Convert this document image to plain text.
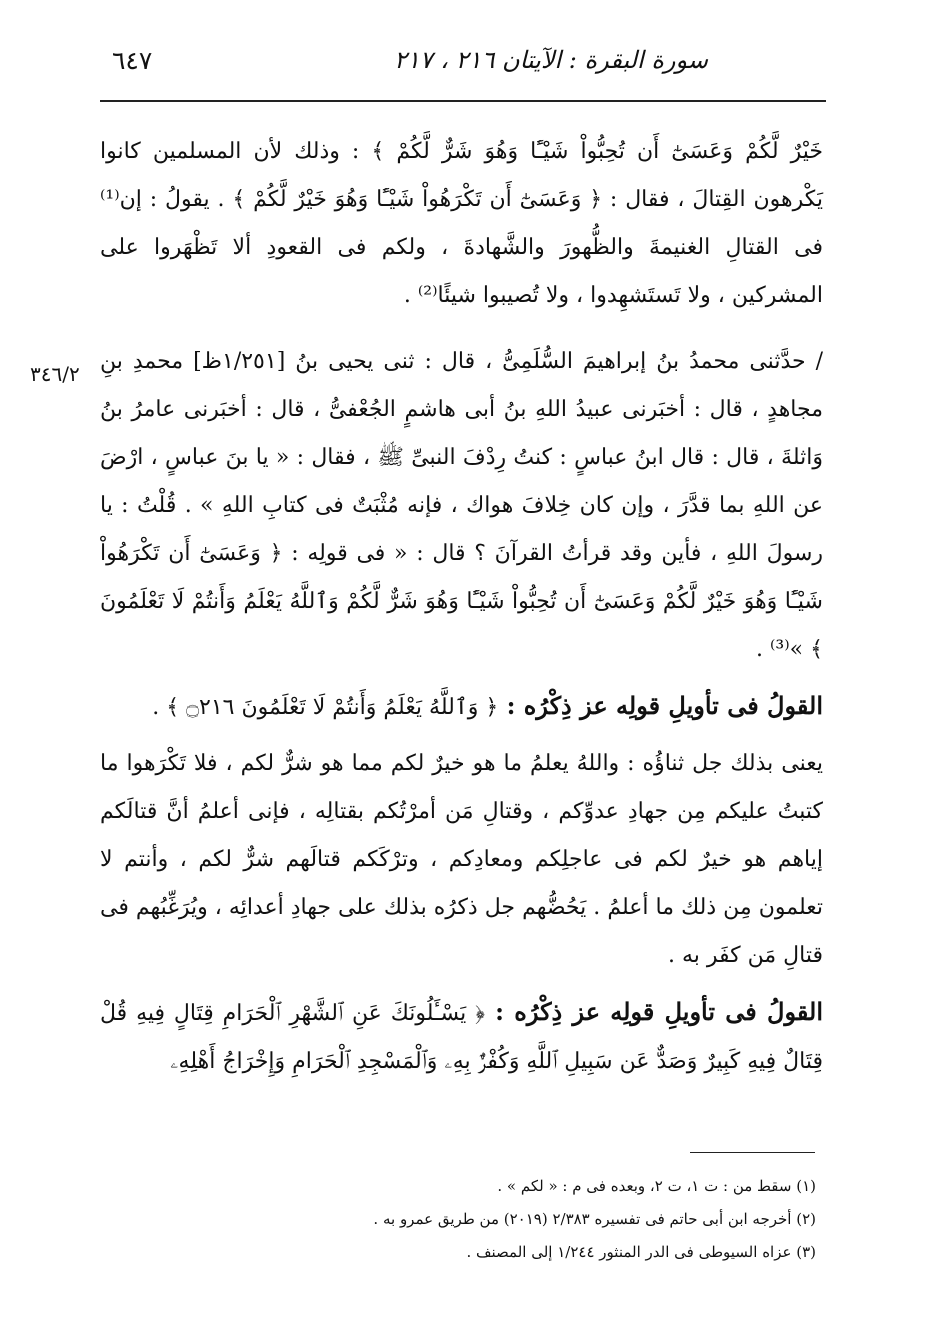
سورة البقرة : الآيتان ٢١٦ ، ٢١٧
٦٤٧
٣٤٦/٢

خَيْرٌ لَّكُمْ وَعَسَىٰٓ أَن تُحِبُّواْ شَيْـًٔا وَهُوَ شَرٌّ لَّكُمْ ﴾ : وذلك لأن المسلمين كانوا يَكْرهون القِتالَ ، فقال : ﴿ وَعَسَىٰٓ أَن تَكْرَهُواْ شَيْـًٔا وَهُوَ خَيْرٌ لَّكُمْ ﴾ . يقولُ : إن⁽¹⁾ فى القتالِ الغنيمةَ والظُّهورَ والشَّهادةَ ، ولكم فى القعودِ ألا تَظْهَروا على المشركين ، ولا تَستَشهِدوا ، ولا تُصيبوا شيئًا⁽²⁾ .

/ حدَّثنى محمدُ بنُ إبراهيمَ السُّلَمِىُّ ، قال : ثنى يحيى بنُ [١/٢٥١ظ] محمدِ بنِ مجاهدٍ ، قال : أخبَرنى عبيدُ اللهِ بنُ أبى هاشمٍ الجُعْفىُّ ، قال : أخبَرنى عامرُ بنُ وَاثلةَ ، قال : قال ابنُ عباسٍ : كنتُ رِدْفَ النبىِّ ﷺ ، فقال : « يا بنَ عباسٍ ، ارْضَ عن اللهِ بما قدَّرَ ، وإن كان خِلافَ هواك ، فإنه مُثْبَتٌ فى كتابِ اللهِ » . قُلْتُ : يا رسولَ اللهِ ، فأين وقد قرأتُ القرآنَ ؟ قال : « فى قولِه : ﴿ وَعَسَىٰٓ أَن تَكْرَهُواْ شَيْـًٔا وَهُوَ خَيْرٌ لَّكُمْ وَعَسَىٰٓ أَن تُحِبُّواْ شَيْـًٔا وَهُوَ شَرٌّ لَّكُمْ وَٱللَّهُ يَعْلَمُ وَأَنتُمْ لَا تَعْلَمُونَ ﴾ »⁽³⁾ .

القولُ فى تأويلِ قولِه عز ذِكْرُه : ﴿ وَٱللَّهُ يَعْلَمُ وَأَنتُمْ لَا تَعْلَمُونَ ۝٢١٦ ﴾ .

يعنى بذلك جل ثناؤُه : واللهُ يعلمُ ما هو خيرٌ لكم مما هو شرٌّ لكم ، فلا تَكْرَهوا ما كتبتُ عليكم مِن جهادِ عدوِّكم ، وقتالِ مَن أمرْتُكم بقتالِه ، فإنى أعلمُ أنَّ قتالَكم إياهم هو خيرٌ لكم فى عاجلِكم ومعادِكم ، وترْكَكم قتالَهم شرٌّ لكم ، وأنتم لا تعلمون مِن ذلك ما أعلمُ . يَحُضُّهم جل ذكرُه بذلك على جهادِ أعدائِه ، ويُرَغِّبُهم فى قتالِ مَن كفَر به .

القولُ فى تأويلِ قولِه عز ذِكْرُه : ﴿ يَسْـَٔلُونَكَ عَنِ ٱلشَّهْرِ ٱلْحَرَامِ قِتَالٍ فِيهِ قُلْ قِتَالٌ فِيهِ كَبِيرٌ وَصَدٌّ عَن سَبِيلِ ٱللَّهِ وَكُفْرٌۢ بِهِۦ وَٱلْمَسْجِدِ ٱلْحَرَامِ وَإِخْرَاجُ أَهْلِهِۦ

(١) سقط من : ت ١، ت ٢، وبعده فى م : « لكم » .

(٢) أخرجه ابن أبى حاتم فى تفسيره ٢/٣٨٣ (٢٠١٩) من طريق عمرو به .

(٣) عزاه السيوطى فى الدر المنثور ١/٢٤٤ إلى المصنف .
